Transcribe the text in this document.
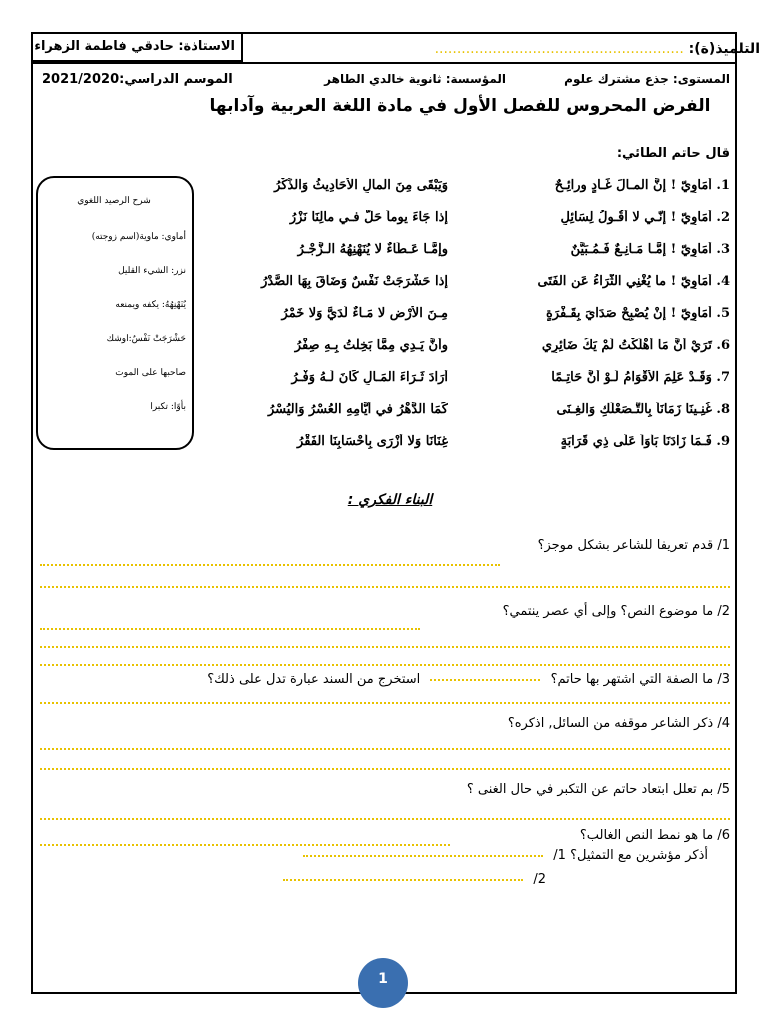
الاستاذة: حادقي فاطمة الزهراء	التلميذ(ة): ........................................................
المستوى: جذع مشترك علوم
المؤسسة: ثانوية خالدي الطاهر
الموسم الدراسي:2021/2020
الفرض المحروس للفصل الأول في مادة اللغة العربية وآدابها
قال حاتم الطائي:
1. أَمَاوِيّ ! إنَّ المـالَ غَـادٍ ورائِـحٌ
وَيَبْقَى مِنَ المالِ الأَحَادِيثُ وَالذِّكْرُ
2. أَمَاوِيّ ! إنّـي لا أَقُـولُ لِسَائِلٍ
إذا جَاءَ يوماً حَلَّ فـي مالِنَا نَزْرُ
3. أَمَاوِيّ ! إمَّـا مَـانِـعٌ فَـمُـبَيَّنٌ
وإمَّـا عَـطَاءٌ لا يُنَهْنِهُهُ الـزَّجْـرُ
4. أَمَاوِيّ ! ما يُغْنِي الثَّرَاءُ عَنِ الفَتَى
إذا حَشْرَجَتْ نَفْسٌ وَضَاقَ بِهَا الصَّدْرُ
5. أَمَاوِيّ ! إنْ يُصْبِحْ صَدَايَ بِقَـفْرَةٍ
مِـنَ الأَرْضِ لا مَـاءٌ لَدَيَّ وَلا خَمْرُ
6. تَرَيْ أنَّ مَا أَهْلَكْتُ لَمْ يَكُ ضَائِرِي
وأنَّ يَـدِي مِمَّا بَخِلْتُ بِـهِ صِفْرُ
7. وَقَـدْ عَلِمَ الأَقْوَامُ لَـوْ أَنَّ حَاتِـمًا
أَرَادَ ثَـرَاءَ المَـالِ كَانَ لَـهُ وَفْـرُ
8. غُنِـينَا زَمَانَاً بِالتَّـصَعْلُكِ وَالغِـنَى
كَمَا الدَّهْرُ في أَيَّامِهِ العُسْرُ وَاليُسْرُ
9. فَـمَا زَادَنَا بَأْوَاً عَلَى ذِي قَرَابَةٍ
غِنَانَا وَلا أَزْرَى بِأَحْسَابِنَا الفَقْرُ
شرح الرصيد اللغوي
أماوي: ماوية(اسم زوجته)
نزر: الشيء القليل
يُنَهْنِهُهُ: يكفه ويمنعه
حَشْرَجَتْ نَفْسٌ:اوشك
صاحبها على الموت
بأوًا: تكبرا
البناء الفكري :
1/ قدم تعريفا للشاعر بشكل موجز؟
2/ ما موضوع النص؟ وإلى أي عصر ينتمي؟
3/ ما الصفة التي اشتهر بها حاتم؟  استخرج من السند عبارة تدل على ذلك؟
4/ ذكر الشاعر موقفه من السائل, اذكره؟
5/ بم تعلل ابتعاد حاتم عن التكبر في حال الغنى ؟
6/ ما هو نمط النص الغالب؟
أذكر مؤشرين مع التمثيل؟ 1/
2/
1
